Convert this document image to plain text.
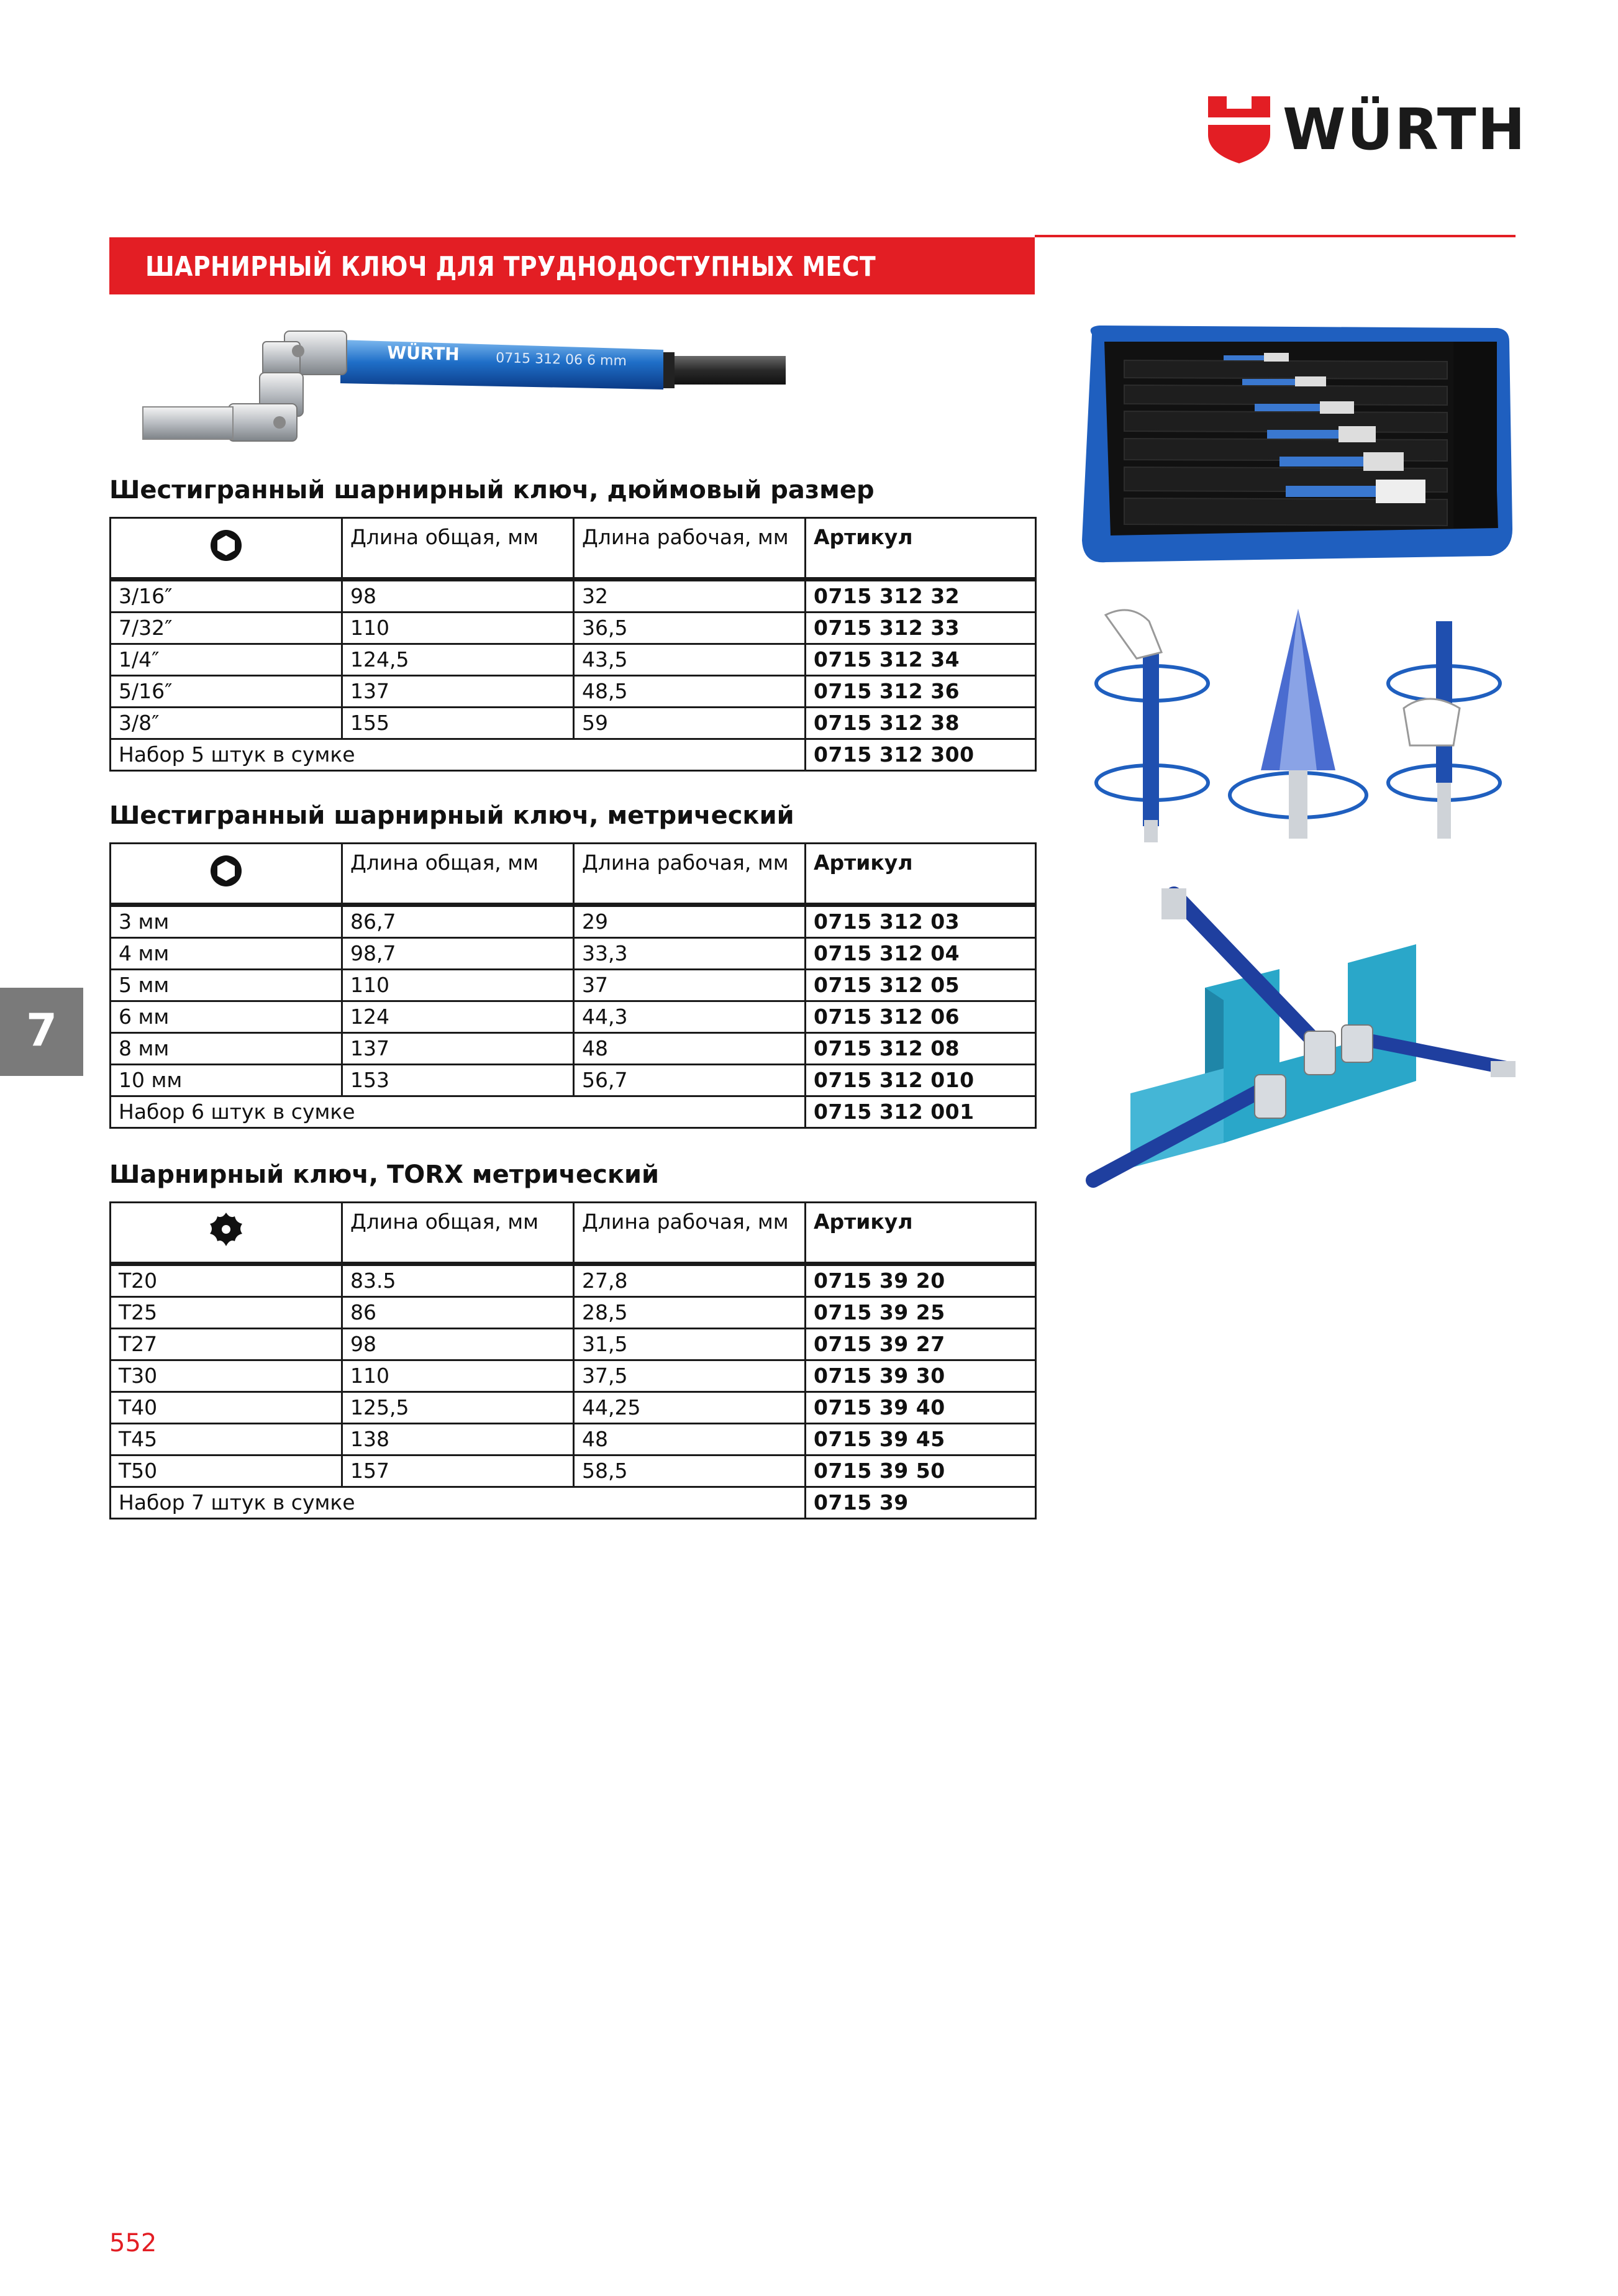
WÜRTH
ШАРНИРНЫЙ КЛЮЧ ДЛЯ ТРУДНОДОСТУПНЫХ МЕСТ
7
WÜRTH	0715 312 06 6 mm
Шестигранный шарнирный ключ, дюймовый размер
	Длина общая, мм	Длина рабочая, мм	Артикул
3/16″	98	32	0715 312 32
7/32″	110	36,5	0715 312 33
1/4″	124,5	43,5	0715 312 34
5/16″	137	48,5	0715 312 36
3/8″	155	59	0715 312 38
Набор 5 штук в сумке			0715 312 300
Шестигранный шарнирный ключ, метрический
	Длина общая, мм	Длина рабочая, мм	Артикул
3 мм	86,7	29	0715 312 03
4 мм	98,7	33,3	0715 312 04
5 мм	110	37	0715 312 05
6 мм	124	44,3	0715 312 06
8 мм	137	48	0715 312 08
10 мм	153	56,7	0715 312 010
Набор 6 штук в сумке			0715 312 001
Шарнирный ключ, TORX метрический
	Длина общая, мм	Длина рабочая, мм	Артикул
T20	83.5	27,8	0715 39 20
T25	86	28,5	0715 39 25
T27	98	31,5	0715 39 27
T30	110	37,5	0715 39 30
T40	125,5	44,25	0715 39 40
T45	138	48	0715 39 45
T50	157	58,5	0715 39 50
Набор 7 штук в сумке			0715 39
552
